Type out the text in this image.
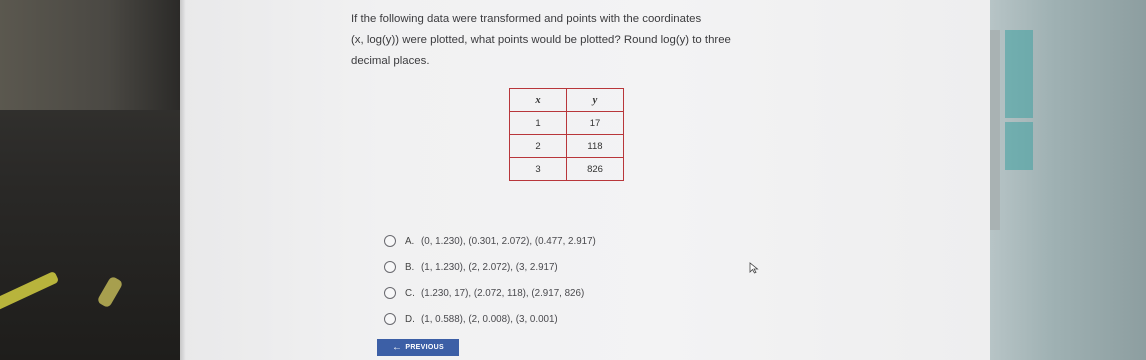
If the following data were transformed and points with the coordinates
(x, log(y)) were plotted, what points would be plotted? Round log(y) to three
decimal places.
x	y
1	17
2	118
3	826
A. (0, 1.230), (0.301, 2.072), (0.477, 2.917)
B. (1, 1.230), (2, 2.072), (3, 2.917)
C. (1.230, 17), (2.072, 118), (2.917, 826)
D. (1, 0.588), (2, 0.008), (3, 0.001)
← PREVIOUS
